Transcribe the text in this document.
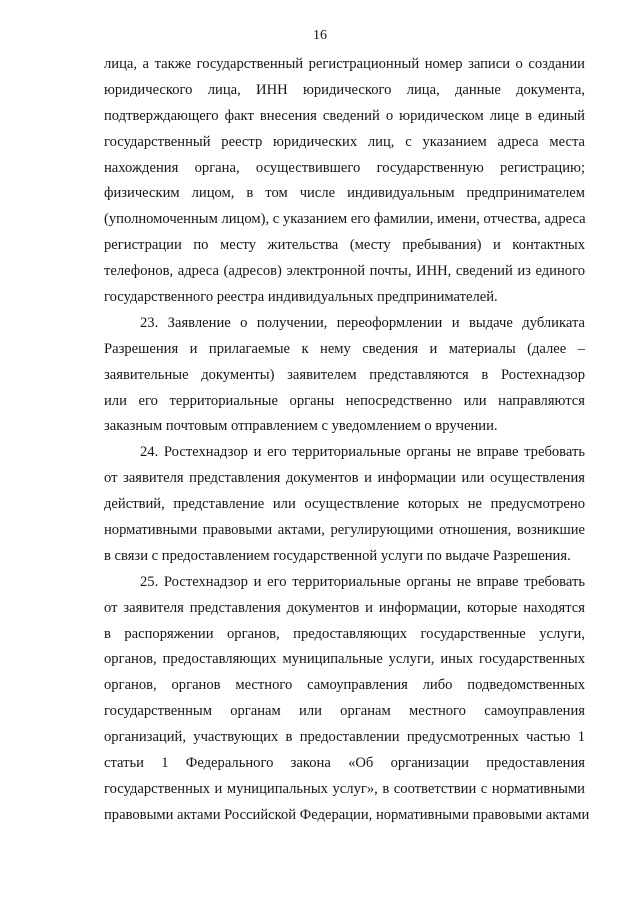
16
лица, а также государственный регистрационный номер записи о создании
юридического лица, ИНН юридического лица, данные документа,
подтверждающего факт внесения сведений о юридическом лице в единый
государственный реестр юридических лиц, с указанием адреса места
нахождения органа, осуществившего государственную регистрацию;
физическим лицом, в том числе индивидуальным предпринимателем
(уполномоченным лицом), с указанием его фамилии, имени, отчества, адреса
регистрации по месту жительства (месту пребывания) и контактных
телефонов, адреса (адресов) электронной почты, ИНН, сведений из единого
государственного реестра индивидуальных предпринимателей.
23. Заявление о получении, переоформлении и выдаче дубликата
Разрешения и прилагаемые к нему сведения и материалы (далее –
заявительные документы) заявителем представляются в Ростехнадзор
или его территориальные органы непосредственно или направляются
заказным почтовым отправлением с уведомлением о вручении.
24. Ростехнадзор и его территориальные органы не вправе требовать
от заявителя представления документов и информации или осуществления
действий, представление или осуществление которых не предусмотрено
нормативными правовыми актами, регулирующими отношения, возникшие
в связи с предоставлением государственной услуги по выдаче Разрешения.
25. Ростехнадзор и его территориальные органы не вправе требовать
от заявителя представления документов и информации, которые находятся
в распоряжении органов, предоставляющих государственные услуги,
органов, предоставляющих муниципальные услуги, иных государственных
органов, органов местного самоуправления либо подведомственных
государственным органам или органам местного самоуправления
организаций, участвующих в предоставлении предусмотренных частью 1
статьи 1 Федерального закона «Об организации предоставления
государственных и муниципальных услуг», в соответствии с нормативными
правовыми актами Российской Федерации, нормативными правовыми актами
